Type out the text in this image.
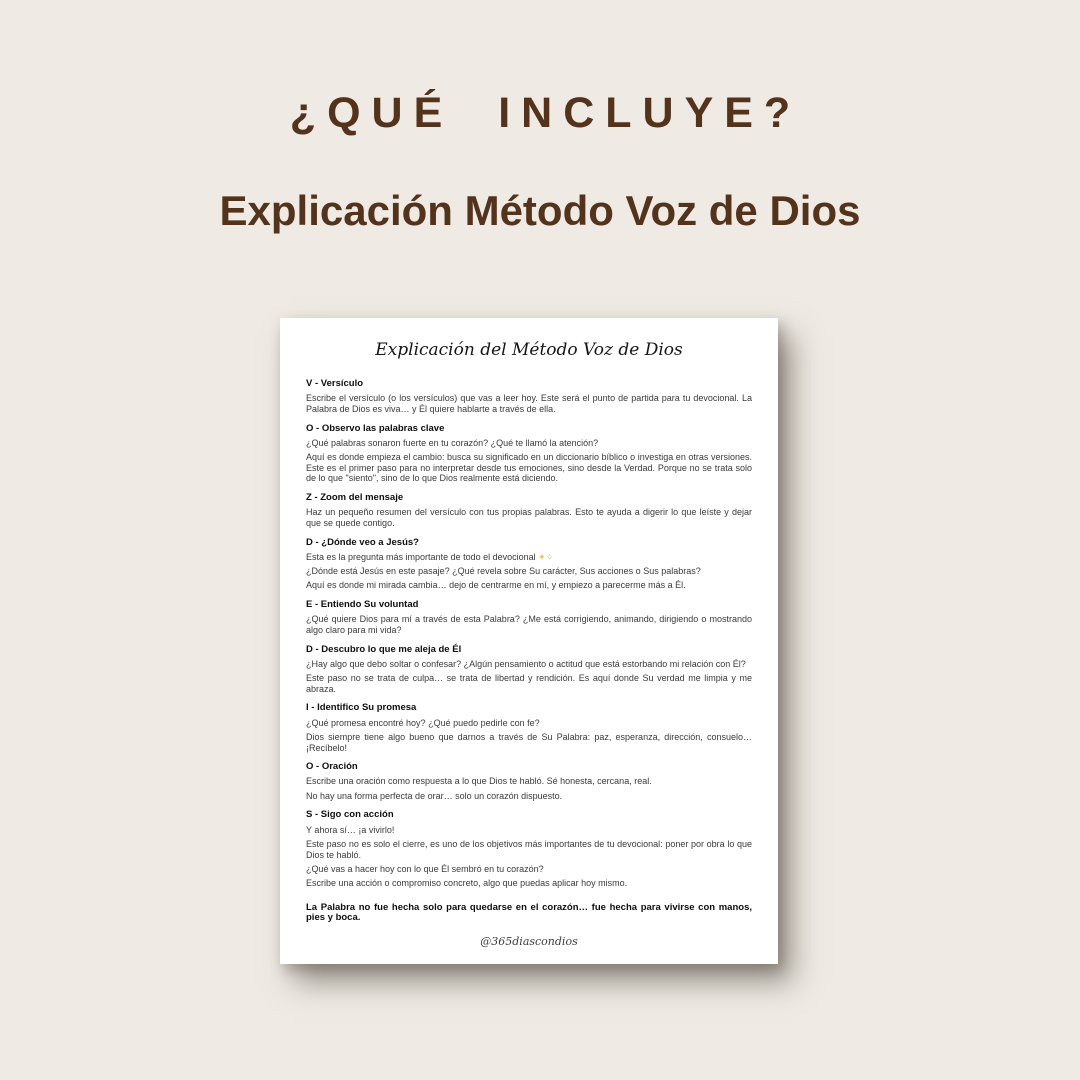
¿QUÉ INCLUYE?
Explicación Método Voz de Dios
Explicación del Método Voz de Dios
V - Versículo

Escribe el versículo (o los versículos) que vas a leer hoy. Este será el punto de partida para tu devocional. La Palabra de Dios es viva… y Él quiere hablarte a través de ella.

O - Observo las palabras clave

¿Qué palabras sonaron fuerte en tu corazón? ¿Qué te llamó la atención?

Aquí es donde empieza el cambio: busca su significado en un diccionario bíblico o investiga en otras versiones. Este es el primer paso para no interpretar desde tus emociones, sino desde la Verdad. Porque no se trata solo de lo que "siento", sino de lo que Dios realmente está diciendo.

Z - Zoom del mensaje

Haz un pequeño resumen del versículo con tus propias palabras. Esto te ayuda a digerir lo que leíste y dejar que se quede contigo.

D - ¿Dónde veo a Jesús?

Esta es la pregunta más importante de todo el devocional ✦✧

¿Dónde está Jesús en este pasaje? ¿Qué revela sobre Su carácter, Sus acciones o Sus palabras?

Aquí es donde mi mirada cambia… dejo de centrarme en mí, y empiezo a parecerme más a Él.

E - Entiendo Su voluntad

¿Qué quiere Dios para mí a través de esta Palabra? ¿Me está corrigiendo, animando, dirigiendo o mostrando algo claro para mi vida?

D - Descubro lo que me aleja de Él

¿Hay algo que debo soltar o confesar? ¿Algún pensamiento o actitud que está estorbando mi relación con Él?

Este paso no se trata de culpa… se trata de libertad y rendición. Es aquí donde Su verdad me limpia y me abraza.

I - Identifico Su promesa

¿Qué promesa encontré hoy? ¿Qué puedo pedirle con fe?

Dios siempre tiene algo bueno que darnos a través de Su Palabra: paz, esperanza, dirección, consuelo… ¡Recíbelo!

O - Oración

Escribe una oración como respuesta a lo que Dios te habló. Sé honesta, cercana, real.

No hay una forma perfecta de orar… solo un corazón dispuesto.

S - Sigo con acción

Y ahora sí… ¡a vivirlo!

Este paso no es solo el cierre, es uno de los objetivos más importantes de tu devocional: poner por obra lo que Dios te habló.

¿Qué vas a hacer hoy con lo que Él sembró en tu corazón?

Escribe una acción o compromiso concreto, algo que puedas aplicar hoy mismo.

La Palabra no fue hecha solo para quedarse en el corazón… fue hecha para vivirse con manos, pies y boca.

@365diascondios
